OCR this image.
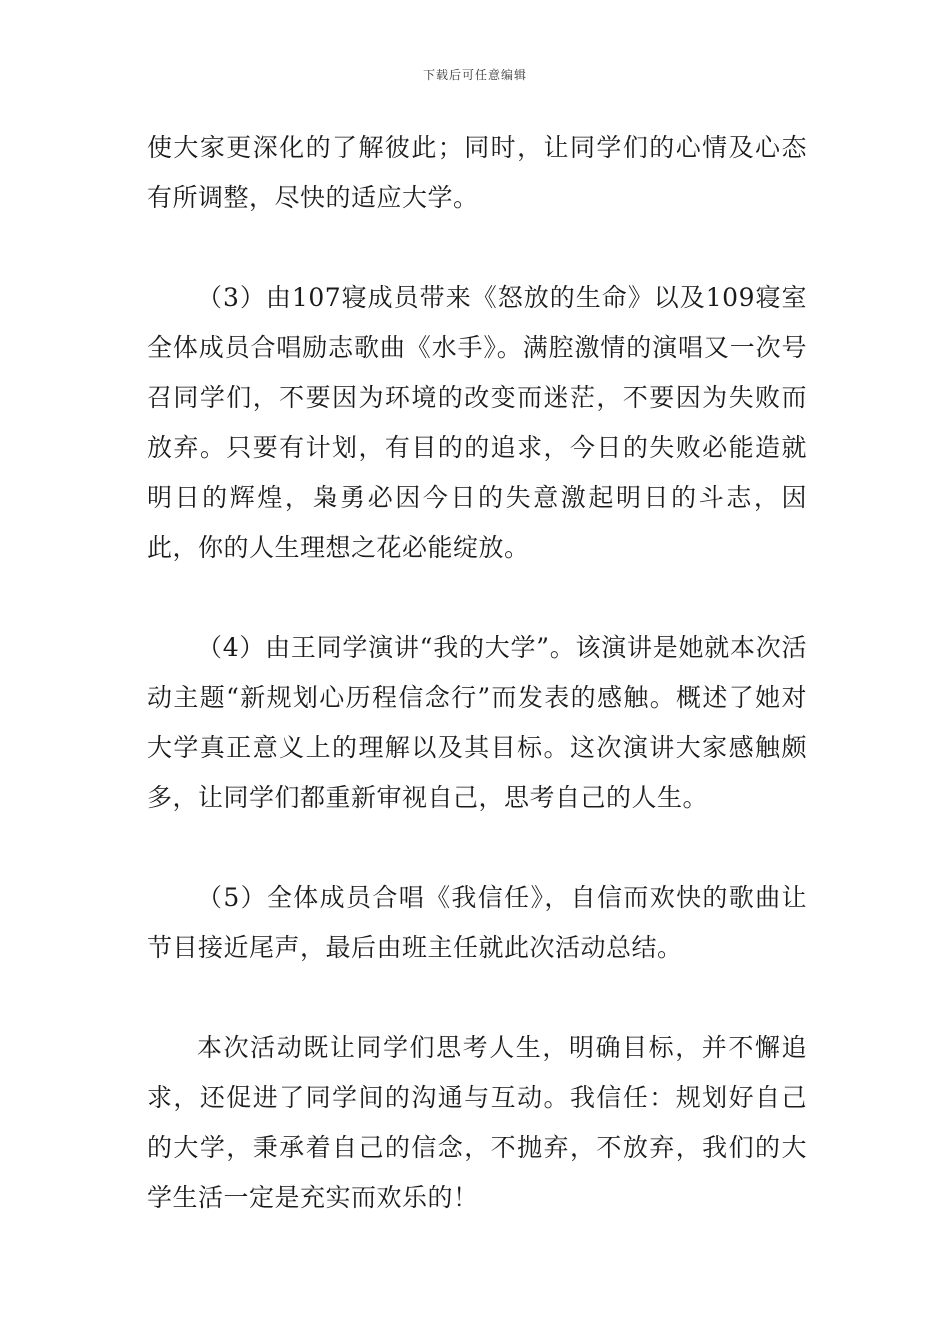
下载后可任意编辑

使大家更深化的了解彼此；同时，让同学们的心情及心态有所调整，尽快的适应大学。

（3）由107寝成员带来《怒放的生命》以及109寝室全体成员合唱励志歌曲《水手》。满腔激情的演唱又一次号召同学们，不要因为环境的改变而迷茫，不要因为失败而放弃。只要有计划，有目的的追求，今日的失败必能造就明日的辉煌，枭勇必因今日的失意激起明日的斗志，因此，你的人生理想之花必能绽放。

（4）由王同学演讲“我的大学”。该演讲是她就本次活动主题“新规划心历程信念行”而发表的感触。概述了她对大学真正意义上的理解以及其目标。这次演讲大家感触颇多，让同学们都重新审视自己，思考自己的人生。

（5）全体成员合唱《我信任》，自信而欢快的歌曲让节目接近尾声，最后由班主任就此次活动总结。

本次活动既让同学们思考人生，明确目标，并不懈追求，还促进了同学间的沟通与互动。我信任：规划好自己的大学，秉承着自己的信念，不抛弃，不放弃，我们的大学生活一定是充实而欢乐的！
